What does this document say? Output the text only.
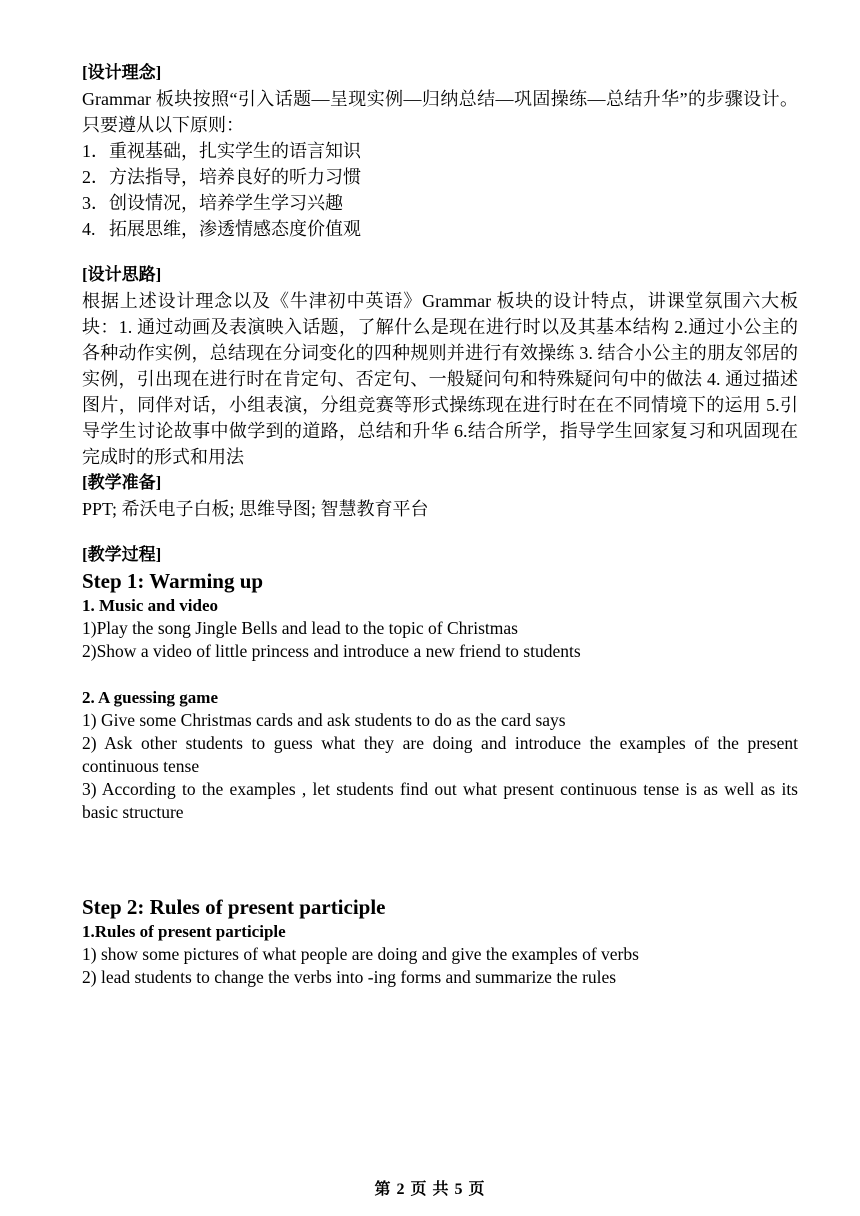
[设计理念]

Grammar 板块按照“引入话题—呈现实例—归纳总结—巩固操练—总结升华”的步骤设计。只要遵从以下原则：

1．重视基础，扎实学生的语言知识

2．方法指导，培养良好的听力习惯

3．创设情况，培养学生学习兴趣

4.   拓展思维，渗透情感态度价值观

[设计思路]

根据上述设计理念以及《牛津初中英语》Grammar 板块的设计特点，讲课堂氛围六大板块：1. 通过动画及表演映入话题，了解什么是现在进行时以及其基本结构 2.通过小公主的各种动作实例，总结现在分词变化的四种规则并进行有效操练 3. 结合小公主的朋友邻居的实例，引出现在进行时在肯定句、否定句、一般疑问句和特殊疑问句中的做法 4. 通过描述图片，同伴对话，小组表演，分组竞赛等形式操练现在进行时在在不同情境下的运用 5.引导学生讨论故事中做学到的道路，总结和升华 6.结合所学，指导学生回家复习和巩固现在完成时的形式和用法

[教学准备]

PPT; 希沃电子白板; 思维导图; 智慧教育平台

[教学过程]

Step 1: Warming up

1. Music and video

1)Play the song Jingle Bells and lead to the topic of Christmas

2)Show a video of little princess and introduce a new friend to students

2. A guessing game

1) Give some Christmas cards and ask students to do as the card says

2) Ask other students to guess what they are doing and introduce the examples of the present continuous tense

3) According to the examples , let students find out what present continuous tense is as well as its basic structure

Step 2: Rules of present participle

1.Rules of present participle

1) show some pictures of what people are doing and give the examples of verbs

2) lead students to change the verbs into -ing forms and summarize the rules

第 2 页 共 5 页
